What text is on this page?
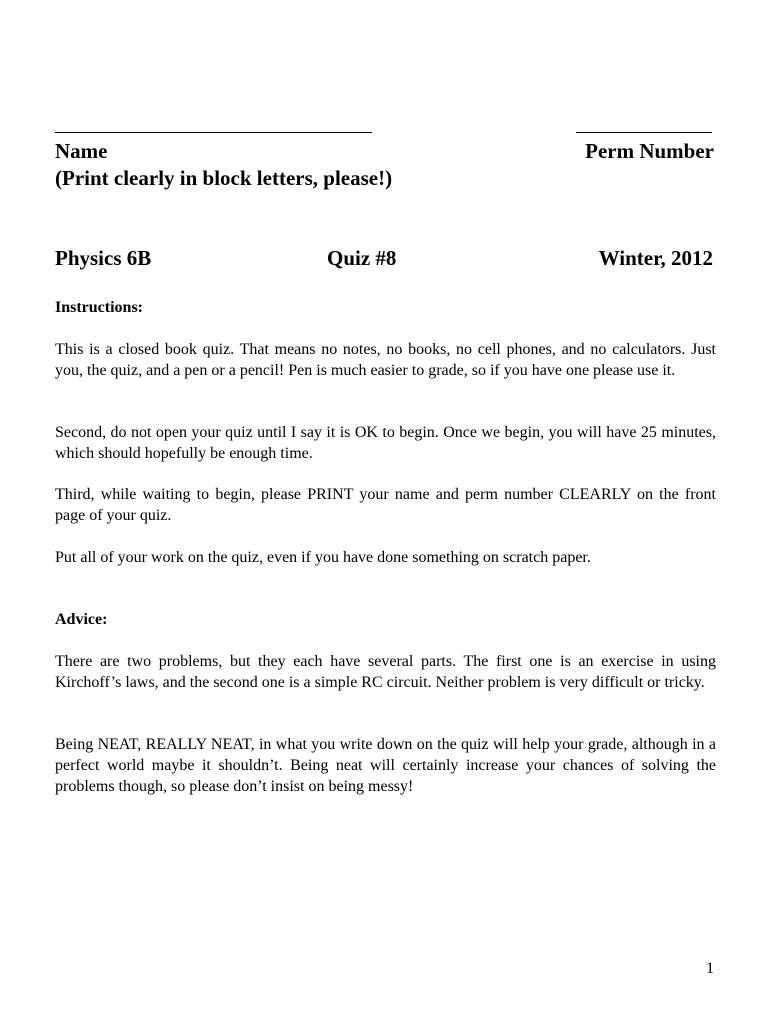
Name	Perm Number
(Print clearly in block letters, please!)
Physics 6B	Quiz #8	Winter, 2012
Instructions:
This is a closed book quiz. That means no notes, no books, no cell phones, and no calculators. Just you, the quiz, and a pen or a pencil! Pen is much easier to grade, so if you have one please use it.
Second, do not open your quiz until I say it is OK to begin. Once we begin, you will have 25 minutes, which should hopefully be enough time.
Third, while waiting to begin, please PRINT your name and perm number CLEARLY on the front page of your quiz.
Put all of your work on the quiz, even if you have done something on scratch paper.
Advice:
There are two problems, but they each have several parts. The first one is an exercise in using Kirchoff’s laws, and the second one is a simple RC circuit. Neither problem is very difficult or tricky.
Being NEAT, REALLY NEAT, in what you write down on the quiz will help your grade, although in a perfect world maybe it shouldn’t. Being neat will certainly increase your chances of solving the problems though, so please don’t insist on being messy!
1
